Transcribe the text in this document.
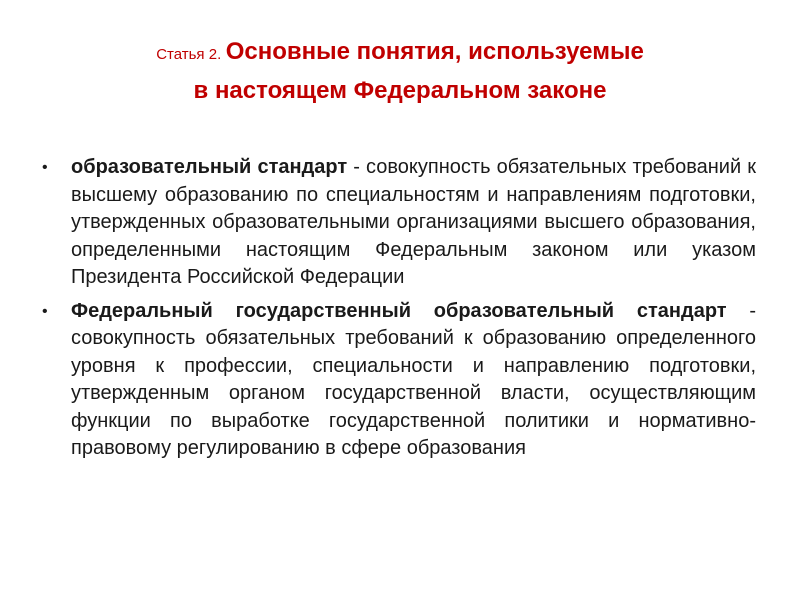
Статья 2. Основные понятия, используемые
в настоящем Федеральном законе
• образовательный стандарт - совокупность обязательных требований к высшему образованию по специальностям и направлениям подготовки, утвержденных образовательными организациями высшего образования, определенными настоящим Федеральным законом или указом Президента Российской Федерации
• Федеральный государственный образовательный стандарт - совокупность обязательных требований к образованию определенного уровня к профессии, специальности и направлению подготовки, утвержденным органом государственной власти, осуществляющим функции по выработке государственной политики и нормативно-правовому регулированию в сфере образования
